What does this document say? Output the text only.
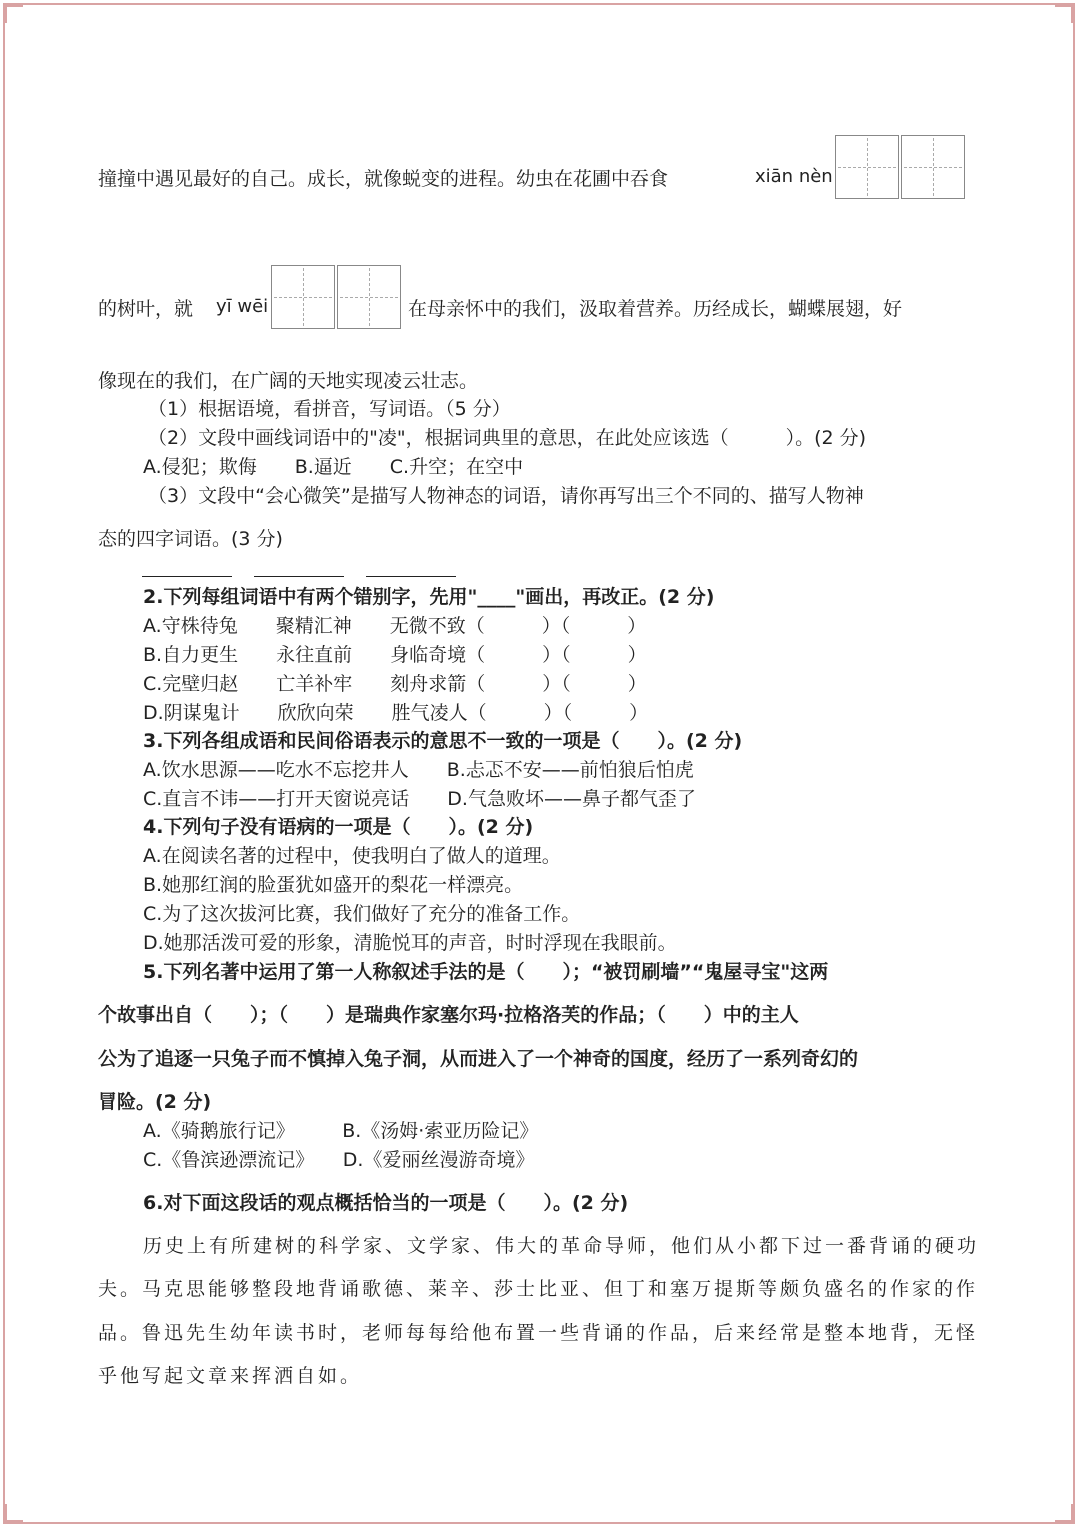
撞撞中遇见最好的自己。成长，就像蜕变的进程。幼虫在花圃中吞食	xiān nèn
的树叶，就 yī wēi	在母亲怀中的我们，汲取着营养。历经成长，蝴蝶展翅，好
像现在的我们，在广阔的天地实现凌云壮志。
（1）根据语境，看拼音，写词语。（5 分）
（2）文段中画线词语中的"凌"，根据词典里的意思，在此处应该选（　　　）。(2 分)
A.侵犯；欺侮　　B.逼近　　C.升空；在空中
（3）文段中“会心微笑”是描写人物神态的词语，请你再写出三个不同的、描写人物神
态的四字词语。(3 分)
2.下列每组词语中有两个错别字，先用"____"画出，再改正。(2 分)
A.守株待兔　　聚精汇神　　无微不致（　　　）（　　　）
B.自力更生　　永往直前　　身临奇境（　　　）（　　　）
C.完壁归赵　　亡羊补牢　　刻舟求箭（　　　）（　　　）
D.阴谋鬼计　　欣欣向荣　　胜气凌人（　　　）（　　　）
3.下列各组成语和民间俗语表示的意思不一致的一项是（　　）。(2 分)
A.饮水思源——吃水不忘挖井人　　B.忐忑不安——前怕狼后怕虎
C.直言不讳——打开天窗说亮话　　D.气急败坏——鼻子都气歪了
4.下列句子没有语病的一项是（　　）。(2 分)
A.在阅读名著的过程中，使我明白了做人的道理。
B.她那红润的脸蛋犹如盛开的梨花一样漂亮。
C.为了这次拔河比赛，我们做好了充分的准备工作。
D.她那活泼可爱的形象，清脆悦耳的声音，时时浮现在我眼前。
5.下列名著中运用了第一人称叙述手法的是（　　）；“被罚刷墙”“鬼屋寻宝"这两
个故事出自（　　）；（　　）是瑞典作家塞尔玛·拉格洛芙的作品；（　　）中的主人
公为了追逐一只兔子而不慎掉入兔子洞，从而进入了一个神奇的国度，经历了一系列奇幻的
冒险。(2 分)
A.《骑鹅旅行记》　　　B.《汤姆·索亚历险记》
C.《鲁滨逊漂流记》　　D.《爱丽丝漫游奇境》
6.对下面这段话的观点概括恰当的一项是（　　）。(2 分)
历史上有所建树的科学家、文学家、伟大的革命导师，他们从小都下过一番背诵的硬功
夫。马克思能够整段地背诵歌德、莱辛、莎士比亚、但丁和塞万提斯等颇负盛名的作家的作
品。鲁迅先生幼年读书时，老师每每给他布置一些背诵的作品，后来经常是整本地背，无怪
乎他写起文章来挥洒自如。
